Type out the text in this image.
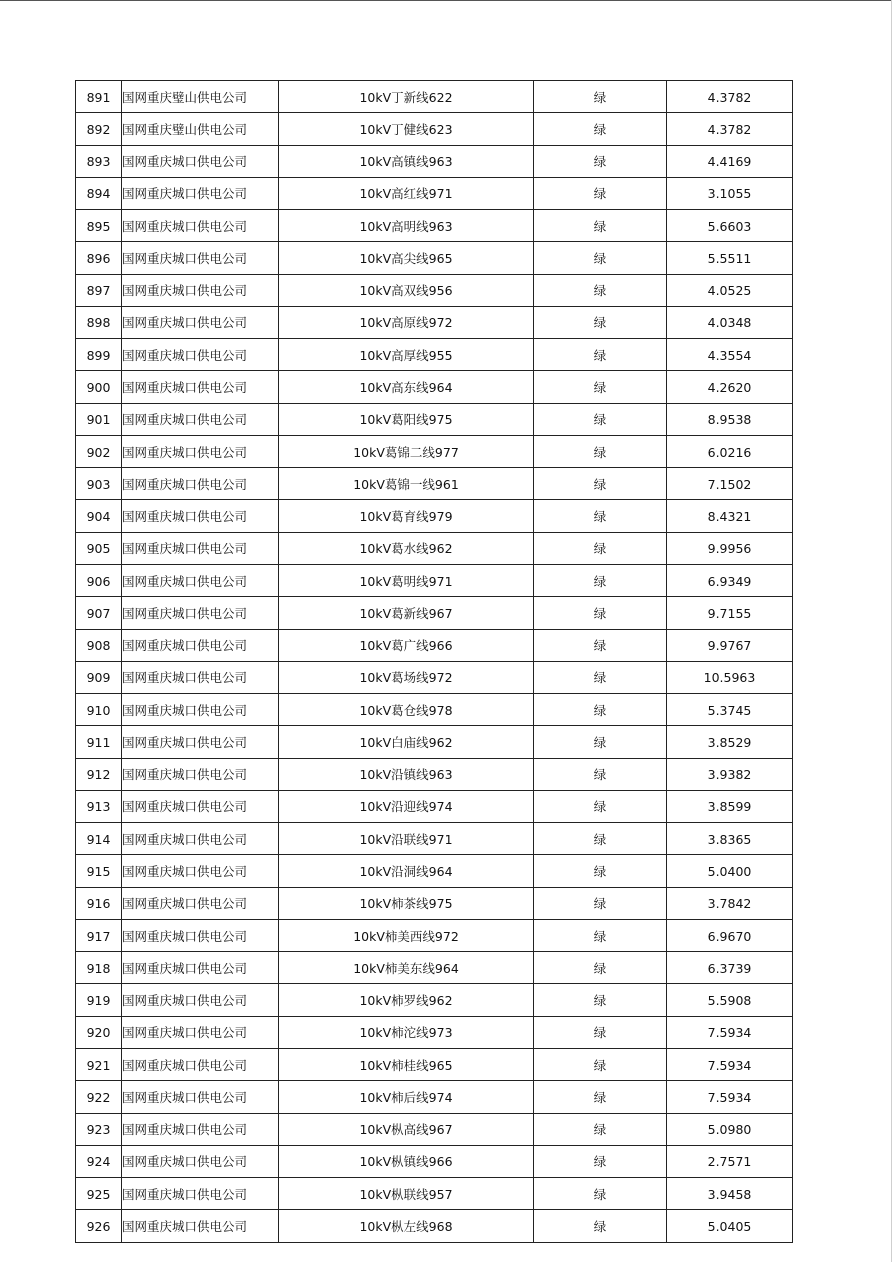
891	国网重庆璧山供电公司	10kV丁新线622	绿	4.3782
892	国网重庆璧山供电公司	10kV丁健线623	绿	4.3782
893	国网重庆城口供电公司	10kV高镇线963	绿	4.4169
894	国网重庆城口供电公司	10kV高红线971	绿	3.1055
895	国网重庆城口供电公司	10kV高明线963	绿	5.6603
896	国网重庆城口供电公司	10kV高尖线965	绿	5.5511
897	国网重庆城口供电公司	10kV高双线956	绿	4.0525
898	国网重庆城口供电公司	10kV高原线972	绿	4.0348
899	国网重庆城口供电公司	10kV高厚线955	绿	4.3554
900	国网重庆城口供电公司	10kV高东线964	绿	4.2620
901	国网重庆城口供电公司	10kV葛阳线975	绿	8.9538
902	国网重庆城口供电公司	10kV葛锦二线977	绿	6.0216
903	国网重庆城口供电公司	10kV葛锦一线961	绿	7.1502
904	国网重庆城口供电公司	10kV葛育线979	绿	8.4321
905	国网重庆城口供电公司	10kV葛水线962	绿	9.9956
906	国网重庆城口供电公司	10kV葛明线971	绿	6.9349
907	国网重庆城口供电公司	10kV葛新线967	绿	9.7155
908	国网重庆城口供电公司	10kV葛广线966	绿	9.9767
909	国网重庆城口供电公司	10kV葛场线972	绿	10.5963
910	国网重庆城口供电公司	10kV葛仓线978	绿	5.3745
911	国网重庆城口供电公司	10kV白庙线962	绿	3.8529
912	国网重庆城口供电公司	10kV沿镇线963	绿	3.9382
913	国网重庆城口供电公司	10kV沿迎线974	绿	3.8599
914	国网重庆城口供电公司	10kV沿联线971	绿	3.8365
915	国网重庆城口供电公司	10kV沿洞线964	绿	5.0400
916	国网重庆城口供电公司	10kV柿茶线975	绿	3.7842
917	国网重庆城口供电公司	10kV柿美西线972	绿	6.9670
918	国网重庆城口供电公司	10kV柿美东线964	绿	6.3739
919	国网重庆城口供电公司	10kV柿罗线962	绿	5.5908
920	国网重庆城口供电公司	10kV柿沱线973	绿	7.5934
921	国网重庆城口供电公司	10kV柿桂线965	绿	7.5934
922	国网重庆城口供电公司	10kV柿后线974	绿	7.5934
923	国网重庆城口供电公司	10kV枞高线967	绿	5.0980
924	国网重庆城口供电公司	10kV枞镇线966	绿	2.7571
925	国网重庆城口供电公司	10kV枞联线957	绿	3.9458
926	国网重庆城口供电公司	10kV枞左线968	绿	5.0405
